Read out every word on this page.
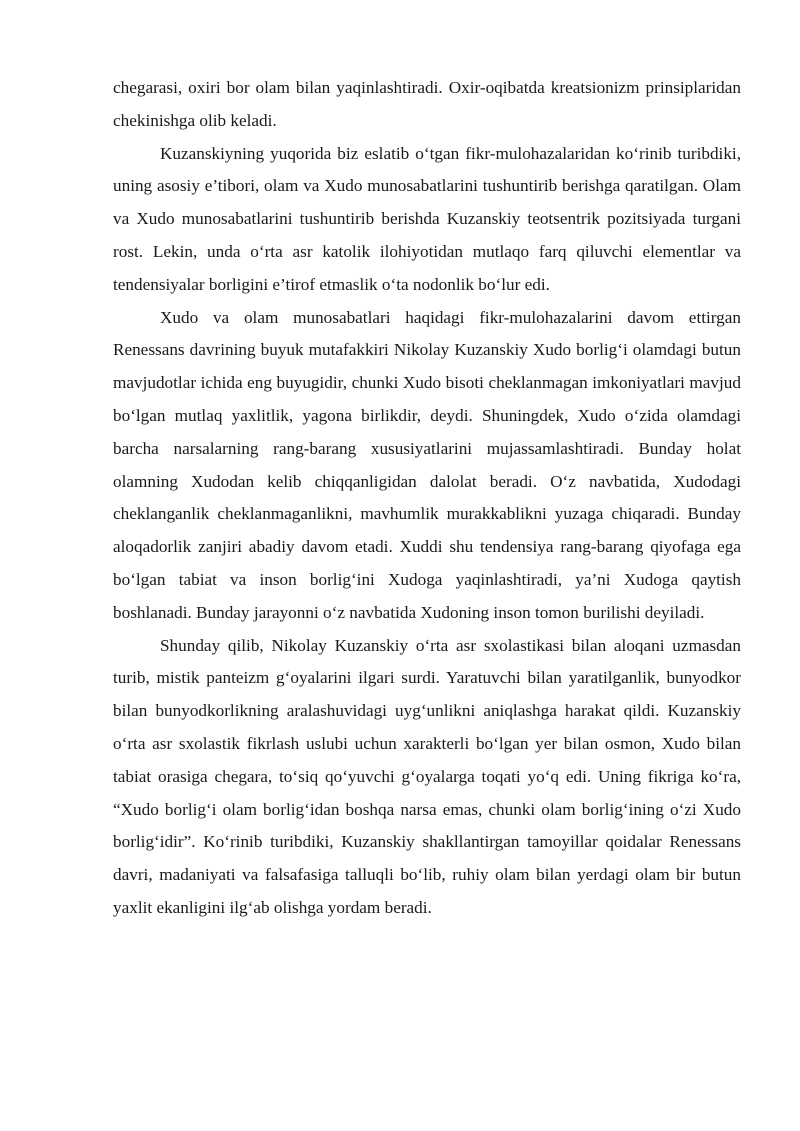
chegarasi, oxiri bor olam bilan yaqinlashtiradi. Oxir-oqibatda kreatsionizm prinsiplaridan chekinishga olib keladi.

Kuzanskiyning yuqorida biz eslatib o‘tgan fikr-mulohazalaridan ko‘rinib turibdiki, uning asosiy e’tibori, olam va Xudo munosabatlarini tushuntirib berishga qaratilgan. Olam va Xudo munosabatlarini tushuntirib berishda Kuzanskiy teotsentrik pozitsiyada turgani rost. Lekin, unda o‘rta asr katolik ilohiyotidan mutlaqo farq qiluvchi elementlar va tendensiyalar borligini e’tirof etmaslik o‘ta nodonlik bo‘lur edi.

Xudo va olam munosabatlari haqidagi fikr-mulohazalarini davom ettirgan Renessans davrining buyuk mutafakkiri Nikolay Kuzanskiy Xudo borlig‘i olamdagi butun mavjudotlar ichida eng buyugidir, chunki Xudo bisoti cheklanmagan imkoniyatlari mavjud bo‘lgan mutlaq yaxlitlik, yagona birlikdir, deydi. Shuningdek, Xudo o‘zida olamdagi barcha narsalarning rang-barang xususiyatlarini mujassamlashtiradi. Bunday holat olamning Xudodan kelib chiqqanligidan dalolat beradi. O‘z navbatida, Xudodagi cheklanganlik cheklanmaganlikni, mavhumlik murakkablikni yuzaga chiqaradi. Bunday aloqadorlik zanjiri abadiy davom etadi. Xuddi shu tendensiya rang-barang qiyofaga ega bo‘lgan tabiat va inson borlig‘ini Xudoga yaqinlashtiradi, ya’ni Xudoga qaytish boshlanadi. Bunday jarayonni o‘z navbatida Xudoning inson tomon burilishi deyiladi.

Shunday qilib, Nikolay Kuzanskiy o‘rta asr sxolastikasi bilan aloqani uzmasdan turib, mistik panteizm g‘oyalarini ilgari surdi. Yaratuvchi bilan yaratilganlik, bunyodkor bilan bunyodkorlikning aralashuvidagi uyg‘unlikni aniqlashga harakat qildi. Kuzanskiy o‘rta asr sxolastik fikrlash uslubi uchun xarakterli bo‘lgan yer bilan osmon, Xudo bilan tabiat orasiga chegara, to‘siq qo‘yuvchi g‘oyalarga toqati yo‘q edi. Uning fikriga ko‘ra, “Xudo borlig‘i olam borlig‘idan boshqa narsa emas, chunki olam borlig‘ining o‘zi Xudo borlig‘idir”. Ko‘rinib turibdiki, Kuzanskiy shakllantirgan tamoyillar qoidalar Renessans davri, madaniyati va falsafasiga talluqli bo‘lib, ruhiy olam bilan yerdagi olam bir butun yaxlit ekanligini ilg‘ab olishga yordam beradi.
